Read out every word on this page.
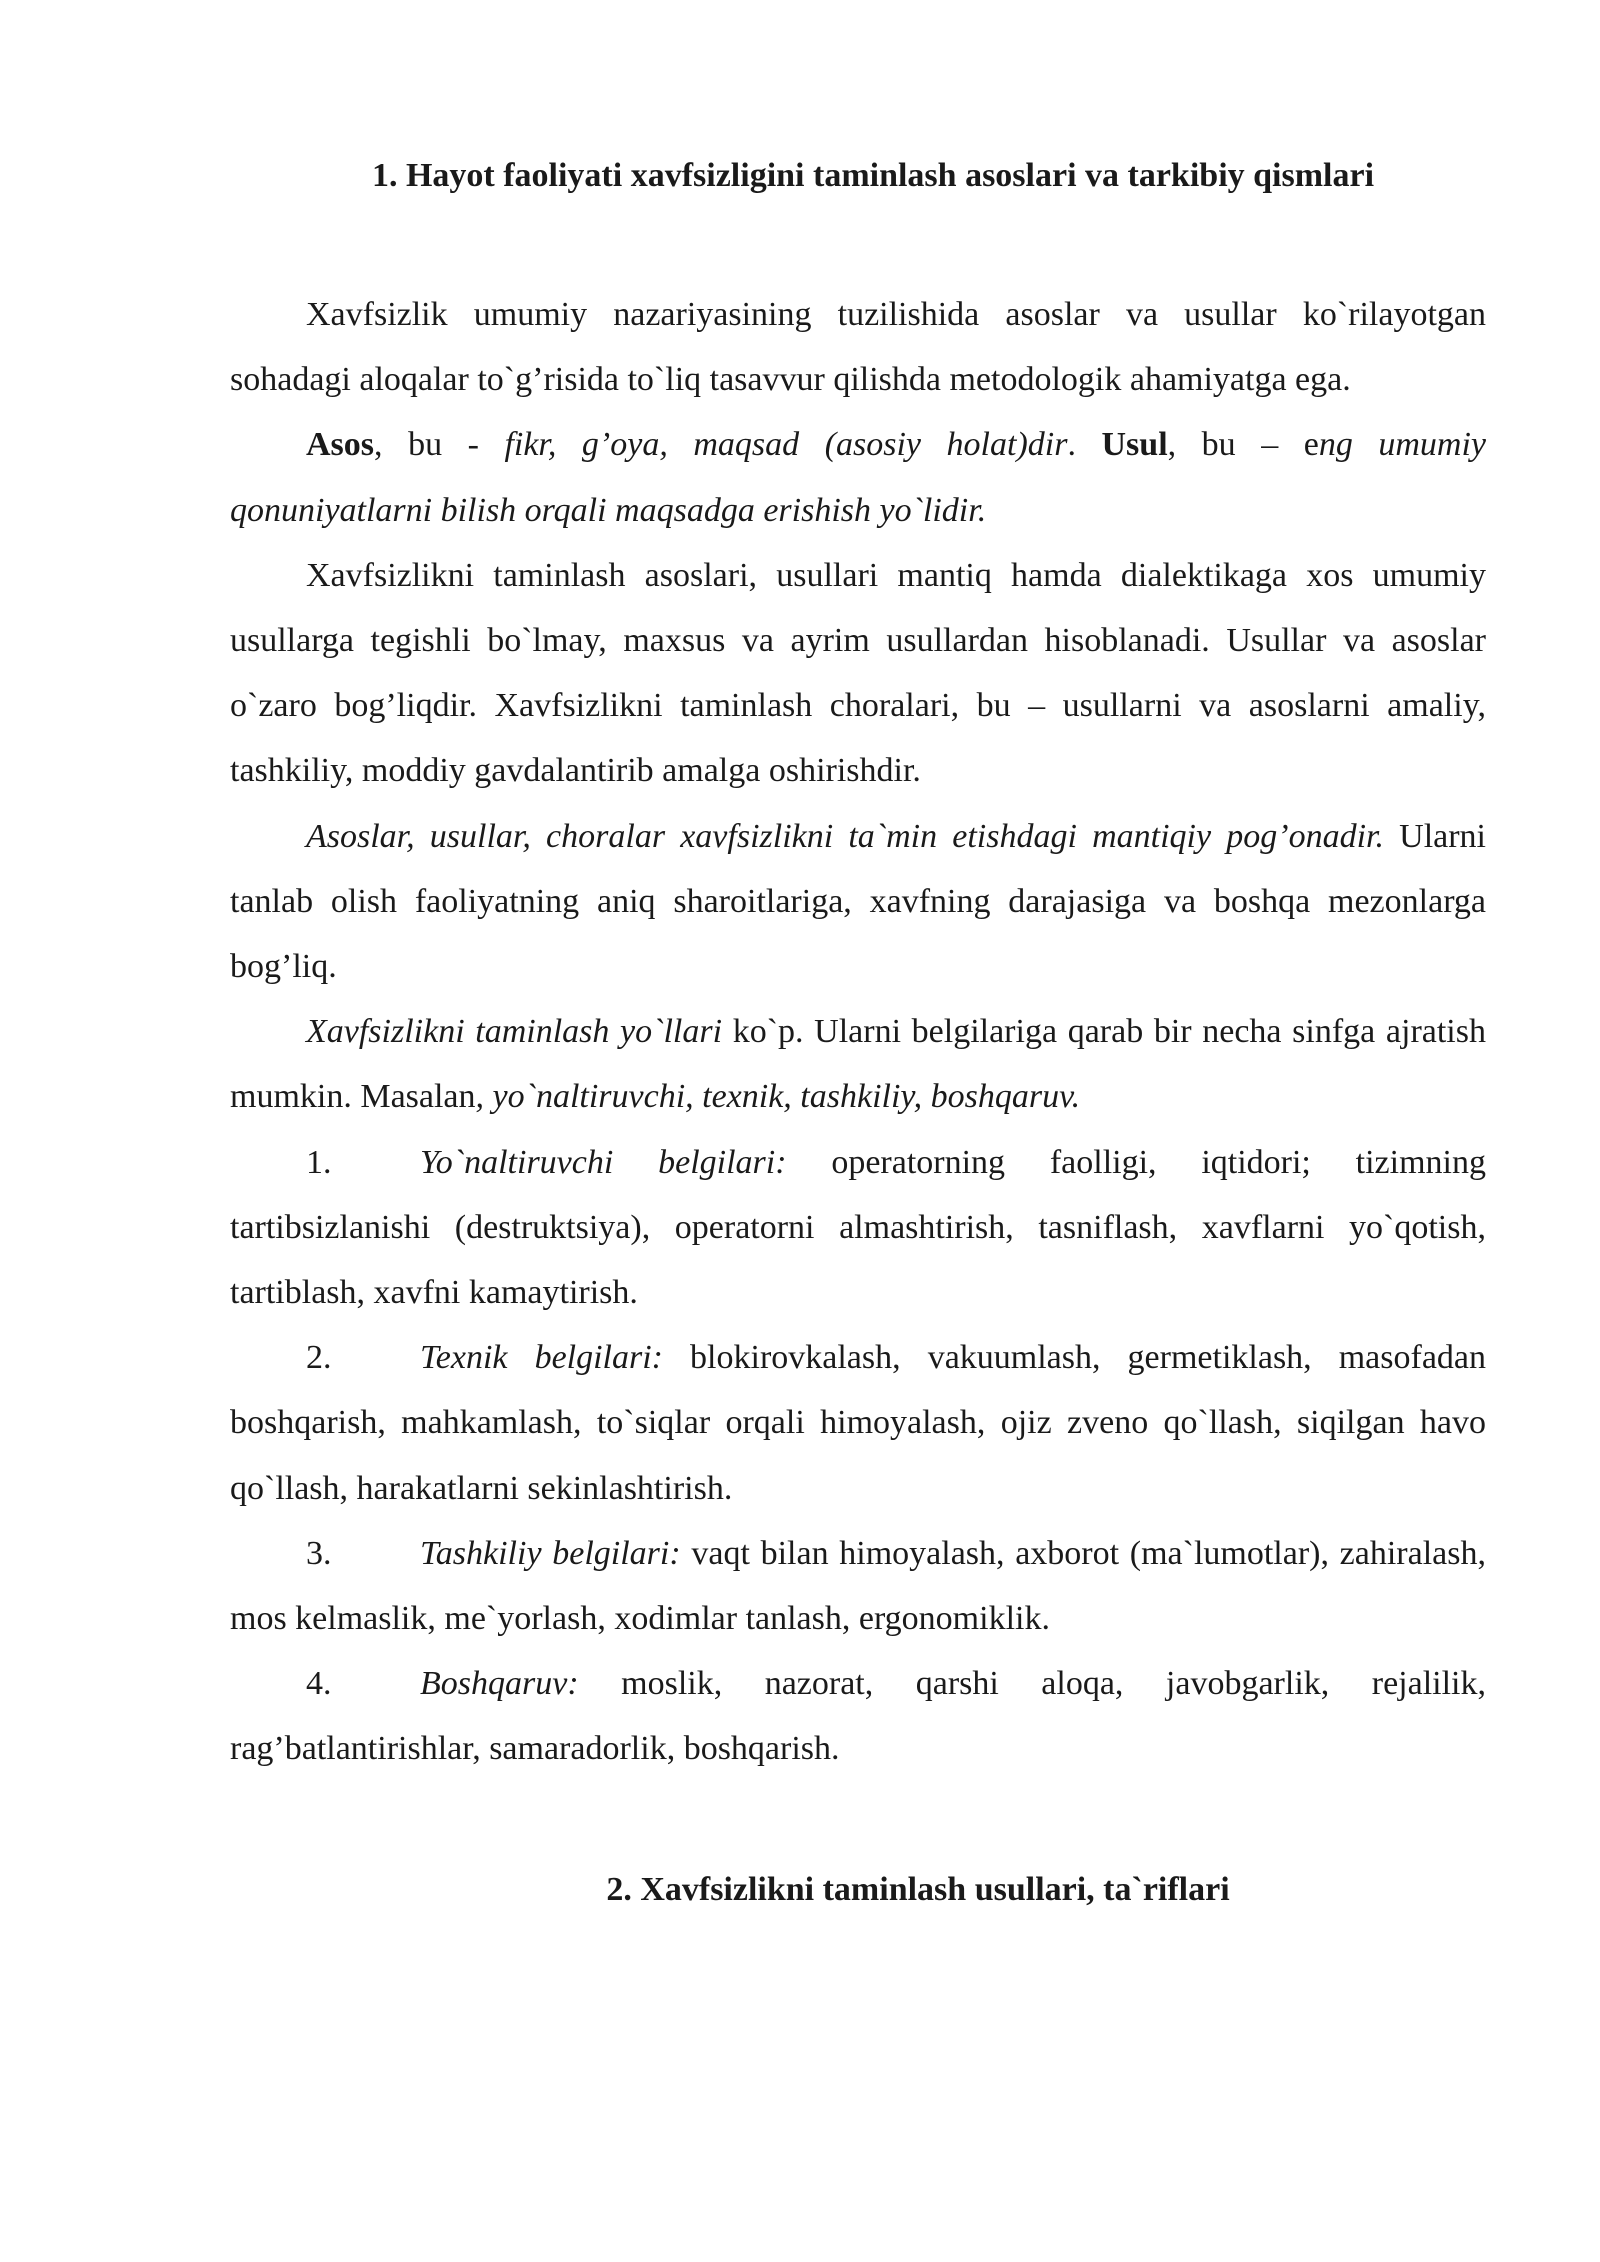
1. Hayot faoliyati xavfsizligini taminlash asoslari va tarkibiy qismlari

Xavfsizlik umumiy nazariyasining tuzilishida asoslar va usullar ko`rilayotgan sohadagi aloqalar to`g’risida to`liq tasavvur qilishda metodologik ahamiyatga ega.

Asos, bu - fikr, g’oya, maqsad (asosiy holat)dir. Usul, bu – eng umumiy qonuniyatlarni bilish orqali maqsadga erishish yo`lidir.

Xavfsizlikni taminlash asoslari, usullari mantiq hamda dialektikaga xos umumiy usullarga tegishli bo`lmay, maxsus va ayrim usullardan hisoblanadi. Usullar va asoslar o`zaro bog’liqdir. Xavfsizlikni taminlash choralari, bu – usullarni va asoslarni amaliy, tashkiliy, moddiy gavdalantirib amalga oshirishdir.

Asoslar, usullar, choralar xavfsizlikni ta`min etishdagi mantiqiy pog’onadir. Ularni tanlab olish faoliyatning aniq sharoitlariga, xavfning darajasiga va boshqa mezonlarga bog’liq.

Xavfsizlikni taminlash yo`llari ko`p. Ularni belgilariga qarab bir necha sinfga ajratish mumkin. Masalan, yo`naltiruvchi, texnik, tashkiliy, boshqaruv.

1.	Yo`naltiruvchi belgilari: operatorning faolligi, iqtidori; tizimning tartibsizlanishi (destruktsiya), operatorni almashtirish, tasniflash, xavflarni yo`qotish, tartiblash, xavfni kamaytirish.

2.	Texnik belgilari: blokirovkalash, vakuumlash, germetiklash, masofadan boshqarish, mahkamlash, to`siqlar orqali himoyalash, ojiz zveno qo`llash, siqilgan havo qo`llash, harakatlarni sekinlashtirish.

3.	Tashkiliy belgilari: vaqt bilan himoyalash, axborot (ma`lumotlar), zahiralash, mos kelmaslik, me`yorlash, xodimlar tanlash, ergonomiklik.

4.	Boshqaruv: moslik, nazorat, qarshi aloqa, javobgarlik, rejalilik, rag’batlantirishlar, samaradorlik, boshqarish.

2. Xavfsizlikni taminlash usullari, ta`riflari
